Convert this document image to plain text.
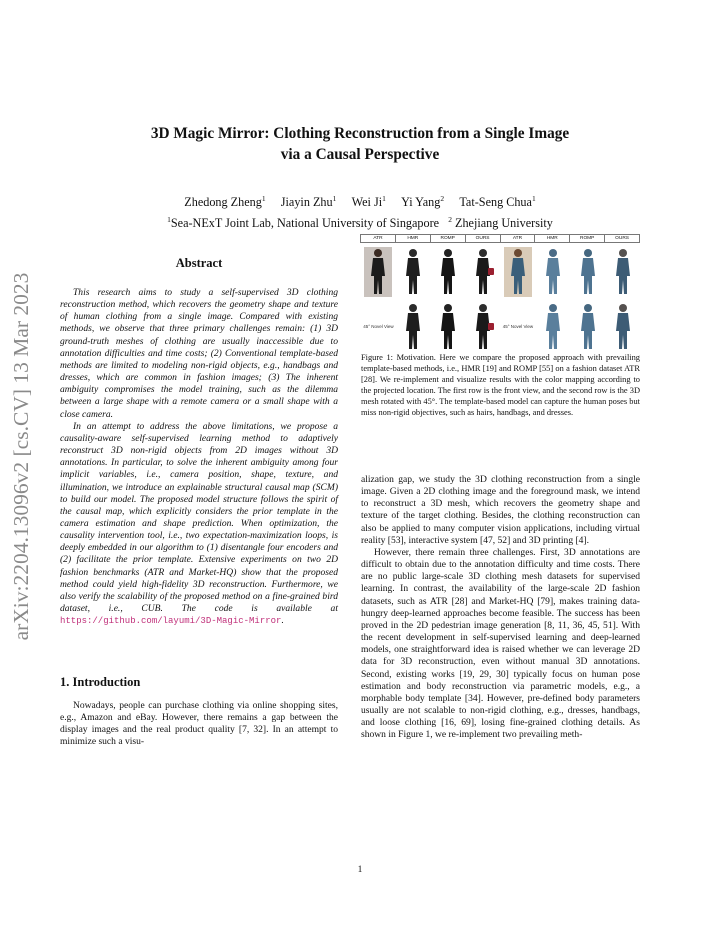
3D Magic Mirror: Clothing Reconstruction from a Single Image
via a Causal Perspective
Zhedong Zheng$^1$ Jiayin Zhu$^1$ Wei Ji$^1$ Yi Yang$^2$ Tat-Seng Chua$^1$
$^1$Sea-NExT Joint Lab, National University of Singapore $^2$ Zhejiang University
arXiv:2204.13096v2 [cs.CV] 13 Mar 2023
Abstract

This research aims to study a self-supervised 3D clothing reconstruction method, which recovers the geometry shape and texture of human clothing from a single image. Compared with existing methods, we observe that three primary challenges remain: (1) 3D ground-truth meshes of clothing are usually inaccessible due to annotation difficulties and time costs; (2) Conventional template-based methods are limited to modeling non-rigid objects, e.g., handbags and dresses, which are common in fashion images; (3) The inherent ambiguity compromises the model training, such as the dilemma between a large shape with a remote camera or a small shape with a close camera.

In an attempt to address the above limitations, we propose a causality-aware self-supervised learning method to adaptively reconstruct 3D non-rigid objects from 2D images without 3D annotations. In particular, to solve the inherent ambiguity among four implicit variables, i.e., camera position, shape, texture, and illumination, we introduce an explainable structural causal map (SCM) to build our model. The proposed model structure follows the spirit of the causal map, which explicitly considers the prior template in the camera estimation and shape prediction. When optimization, the causality intervention tool, i.e., two expectation-maximization loops, is deeply embedded in our algorithm to (1) disentangle four encoders and (2) facilitate the prior template. Extensive experiments on two 2D fashion benchmarks (ATR and Market-HQ) show that the proposed method could yield high-fidelity 3D reconstruction. Furthermore, we also verify the scalability of the proposed method on a fine-grained bird dataset, i.e., CUB. The code is available at https://github.com/layumi/3D-Magic-Mirror.

1. Introduction

Nowadays, people can purchase clothing via online shopping sites, e.g., Amazon and eBay. However, there remains a gap between the display images and the real product quality [7, 32]. In an attempt to minimize such a visu-

ATR	HMR	ROMP	OURS	ATR	HMR	ROMP	OURS
45° Novel View	45° Novel View
Figure 1: Motivation. Here we compare the proposed approach with prevailing template-based methods, i.e., HMR [19] and ROMP [55] on a fashion dataset ATR [28]. We re-implement and visualize results with the color mapping according to the projected location. The first row is the front view, and the second row is the 3D mesh rotated with 45°. The template-based model can capture the human poses but miss non-rigid objectives, such as hairs, handbags, and dresses.

alization gap, we study the 3D clothing reconstruction from a single image. Given a 2D clothing image and the foreground mask, we intend to reconstruct a 3D mesh, which recovers the geometry shape and texture of the target clothing. Besides, the clothing reconstruction can also be applied to many computer vision applications, including virtual reality [53], interactive system [47, 52] and 3D printing [4].

However, there remain three challenges. First, 3D annotations are difficult to obtain due to the annotation difficulty and time costs. There are no public large-scale 3D clothing mesh datasets for supervised learning. In contrast, the availability of the large-scale 2D fashion datasets, such as ATR [28] and Market-HQ [79], makes training data-hungry deep-learned approaches become feasible. The success has been proved in the 2D pedestrian image generation [8, 11, 36, 45, 51]. With the recent development in self-supervised learning and deep-learned models, one straightforward idea is raised whether we can leverage 2D data for 3D reconstruction, even without manual 3D annotations. Second, existing works [19, 29, 30] typically focus on human pose estimation and body reconstruction via parametric models, e.g., a morphable body template [34]. However, pre-defined body parameters usually are not scalable to non-rigid clothing, e.g., dresses, handbags, and loose clothing [16, 69], losing fine-grained clothing details. As shown in Figure 1, we re-implement two prevailing meth-

1
